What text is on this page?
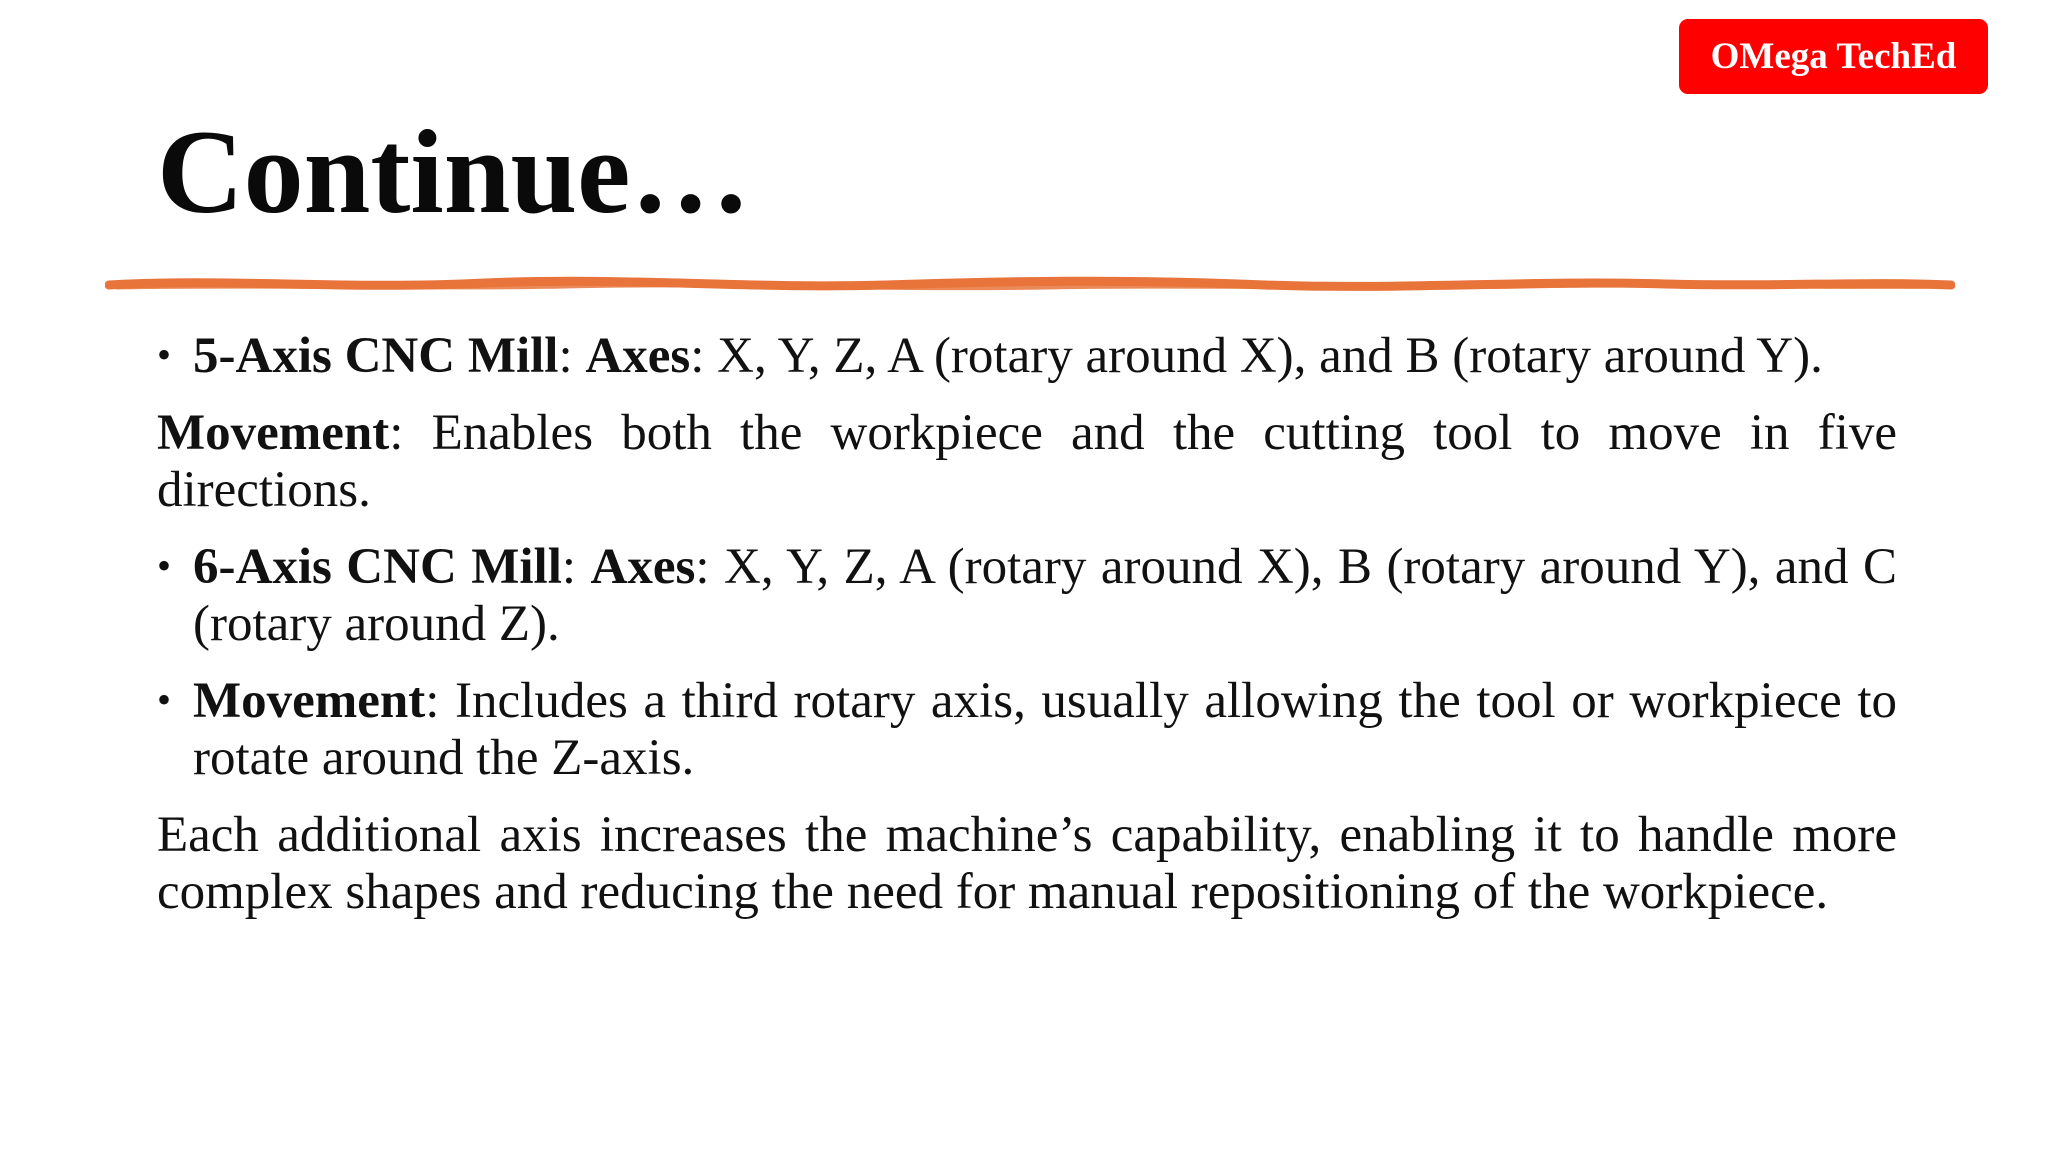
OMega TechEd
Continue…

• 5-Axis CNC Mill: Axes: X, Y, Z, A (rotary around X), and B (rotary around Y).

Movement: Enables both the workpiece and the cutting tool to move in five directions.

• 6-Axis CNC Mill: Axes: X, Y, Z, A (rotary around X), B (rotary around Y), and C (rotary around Z).

• Movement: Includes a third rotary axis, usually allowing the tool or workpiece to rotate around the Z-axis.

Each additional axis increases the machine’s capability, enabling it to handle more complex shapes and reducing the need for manual repositioning of the workpiece.
